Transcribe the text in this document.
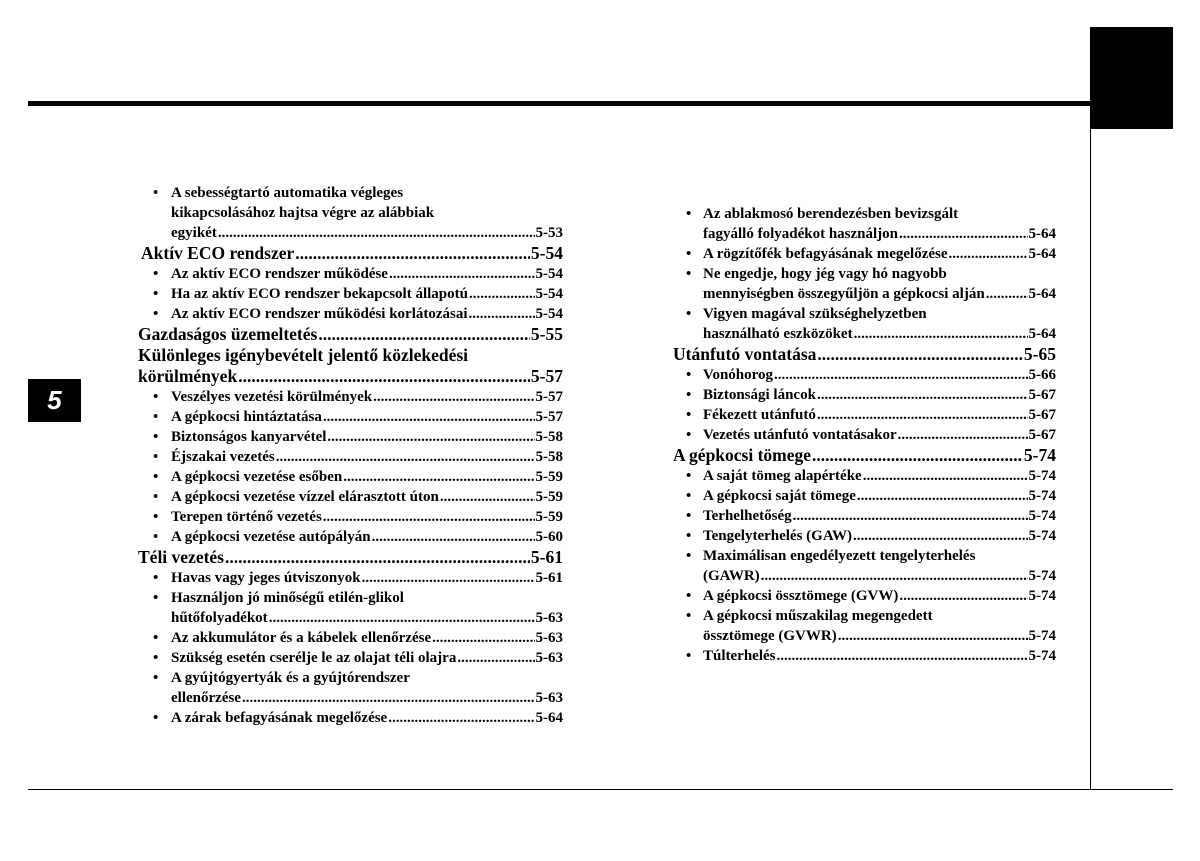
5
• A sebességtartó automatika végleges
kikapcsolásához hajtsa végre az alábbiak
egyikét .....	5-53
Aktív ECO rendszer .....	5-54
• Az aktív ECO rendszer működése .....	5-54
• Ha az aktív ECO rendszer bekapcsolt állapotú .....	5-54
• Az aktív ECO rendszer működési korlátozásai .....	5-54
Gazdaságos üzemeltetés .....	5-55
Különleges igénybevételt jelentő közlekedési
körülmények .....	5-57
• Veszélyes vezetési körülmények .....	5-57
• A gépkocsi hintáztatása .....	5-57
• Biztonságos kanyarvétel .....	5-58
• Éjszakai vezetés .....	5-58
• A gépkocsi vezetése esőben .....	5-59
• A gépkocsi vezetése vízzel elárasztott úton .....	5-59
• Terepen történő vezetés .....	5-59
• A gépkocsi vezetése autópályán .....	5-60
Téli vezetés .....	5-61
• Havas vagy jeges útviszonyok .....	5-61
• Használjon jó minőségű etilén-glikol
hűtőfolyadékot .....	5-63
• Az akkumulátor és a kábelek ellenőrzése .....	5-63
• Szükség esetén cserélje le az olajat téli olajra .....	5-63
• A gyújtógyertyák és a gyújtórendszer
ellenőrzése .....	5-63
• A zárak befagyásának megelőzése .....	5-64
• Az ablakmosó berendezésben bevizsgált
fagyálló folyadékot használjon .....	5-64
• A rögzítőfék befagyásának megelőzése .....	5-64
• Ne engedje, hogy jég vagy hó nagyobb
mennyiségben összegyűljön a gépkocsi alján .....	5-64
• Vigyen magával szükséghelyzetben
használható eszközöket .....	5-64
Utánfutó vontatása .....	5-65
• Vonóhorog .....	5-66
• Biztonsági láncok .....	5-67
• Fékezett utánfutó .....	5-67
• Vezetés utánfutó vontatásakor .....	5-67
A gépkocsi tömege .....	5-74
• A saját tömeg alapértéke .....	5-74
• A gépkocsi saját tömege .....	5-74
• Terhelhetőség .....	5-74
• Tengelyterhelés (GAW) .....	5-74
• Maximálisan engedélyezett tengelyterhelés
(GAWR) .....	5-74
• A gépkocsi össztömege (GVW) .....	5-74
• A gépkocsi műszakilag megengedett
össztömege (GVWR) .....	5-74
• Túlterhelés .....	5-74
